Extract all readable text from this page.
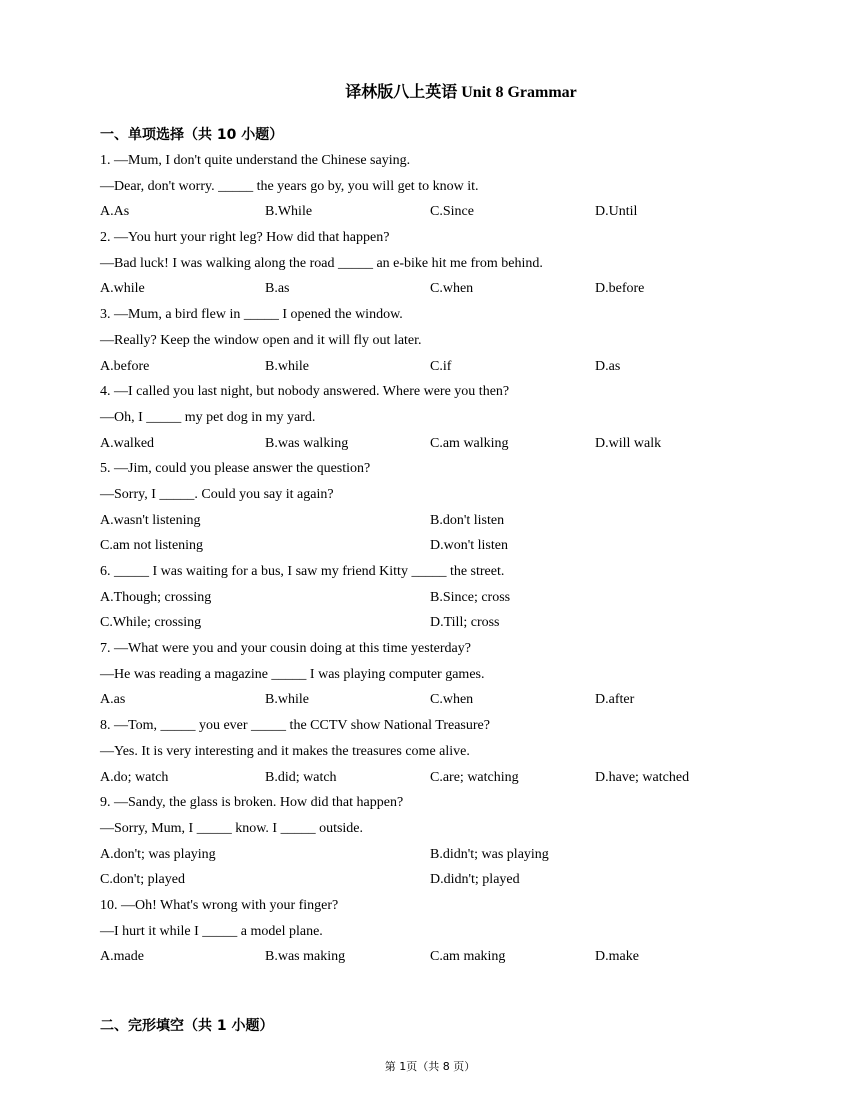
译林版八上英语 Unit 8 Grammar
一、单项选择（共 10 小题）
1. —Mum, I don't quite understand the Chinese saying.
—Dear, don't worry. _____ the years go by, you will get to know it.
A.As	B.While	C.Since	D.Until
2. —You hurt your right leg? How did that happen?
—Bad luck! I was walking along the road _____ an e-bike hit me from behind.
A.while	B.as	C.when	D.before
3. —Mum, a bird flew in _____ I opened the window.
—Really? Keep the window open and it will fly out later.
A.before	B.while	C.if	D.as
4. —I called you last night, but nobody answered. Where were you then?
—Oh, I _____ my pet dog in my yard.
A.walked	B.was walking	C.am walking	D.will walk
5. —Jim, could you please answer the question?
—Sorry, I _____. Could you say it again?
A.wasn't listening	B.don't listen
C.am not listening	D.won't listen
6. _____ I was waiting for a bus, I saw my friend Kitty _____ the street.
A.Though; crossing	B.Since; cross
C.While; crossing	D.Till; cross
7. —What were you and your cousin doing at this time yesterday?
—He was reading a magazine _____ I was playing computer games.
A.as	B.while	C.when	D.after
8. —Tom, _____ you ever _____ the CCTV show National Treasure?
—Yes. It is very interesting and it makes the treasures come alive.
A.do; watch	B.did; watch	C.are; watching	D.have; watched
9. —Sandy, the glass is broken. How did that happen?
—Sorry, Mum, I _____ know. I _____ outside.
A.don't; was playing	B.didn't; was playing
C.don't; played	D.didn't; played
10. —Oh! What's wrong with your finger?
—I hurt it while I _____ a model plane.
A.made	B.was making	C.am making	D.make
二、完形填空（共 1 小题）
第 1页（共 8 页）
